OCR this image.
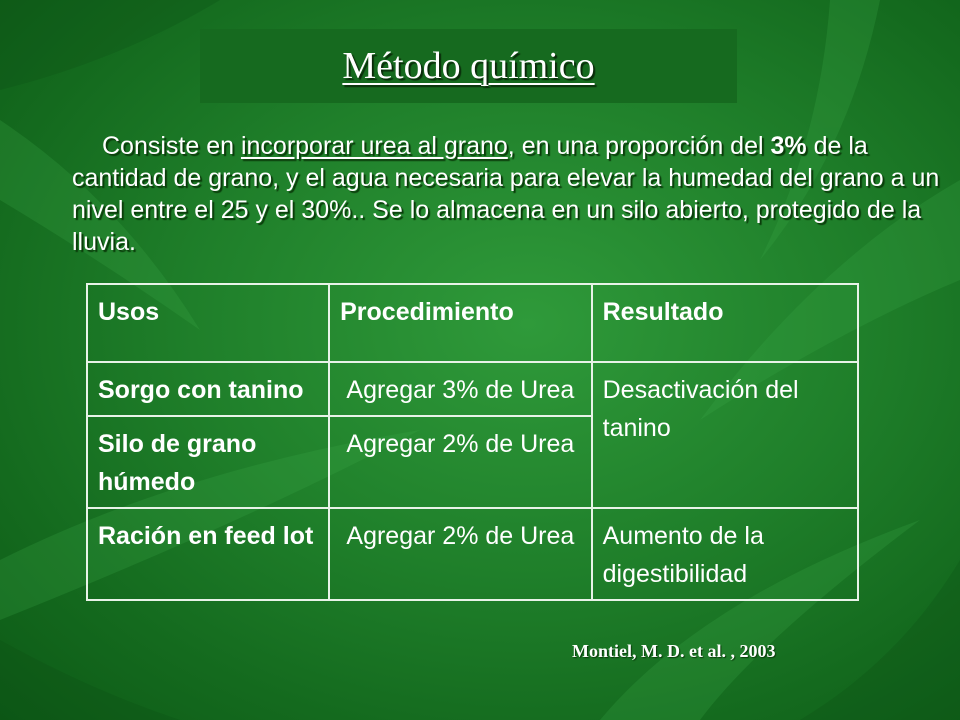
Método químico
Consiste en incorporar urea al grano, en una proporción del 3% de la cantidad de grano, y el agua necesaria para elevar la humedad del grano a un nivel entre el 25 y el 30%.. Se lo almacena en un silo abierto, protegido de la lluvia.
Usos	Procedimiento	Resultado
Sorgo con tanino	Agregar 3% de Urea	Desactivación del tanino
Silo de grano húmedo	Agregar 2% de Urea	
Ración en feed lot	Agregar 2% de Urea	Aumento de la digestibilidad
Montiel, M. D. et al. , 2003
